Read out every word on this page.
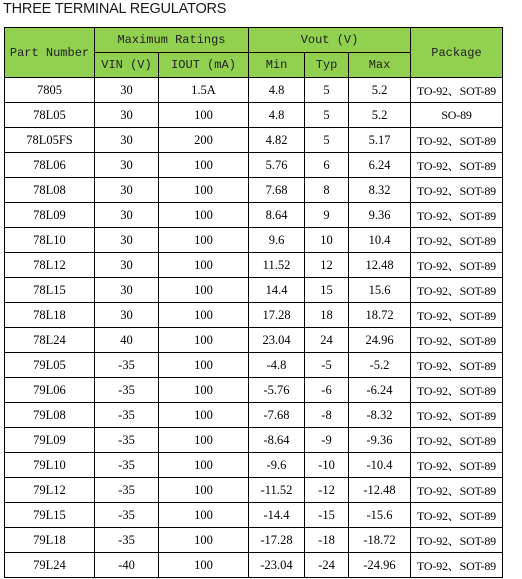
THREE TERMINAL REGULATORS
Part Number	Maximum Ratings		Vout (V)			Package
	VIN (V)	IOUT (mA)	Min	Typ	Max	
7805	30	1.5A	4.8	5	5.2	TO-92、SOT-89
78L05	30	100	4.8	5	5.2	SO-89
78L05FS	30	200	4.82	5	5.17	TO-92、SOT-89
78L06	30	100	5.76	6	6.24	TO-92、SOT-89
78L08	30	100	7.68	8	8.32	TO-92、SOT-89
78L09	30	100	8.64	9	9.36	TO-92、SOT-89
78L10	30	100	9.6	10	10.4	TO-92、SOT-89
78L12	30	100	11.52	12	12.48	TO-92、SOT-89
78L15	30	100	14.4	15	15.6	TO-92、SOT-89
78L18	30	100	17.28	18	18.72	TO-92、SOT-89
78L24	40	100	23.04	24	24.96	TO-92、SOT-89
79L05	-35	100	-4.8	-5	-5.2	TO-92、SOT-89
79L06	-35	100	-5.76	-6	-6.24	TO-92、SOT-89
79L08	-35	100	-7.68	-8	-8.32	TO-92、SOT-89
79L09	-35	100	-8.64	-9	-9.36	TO-92、SOT-89
79L10	-35	100	-9.6	-10	-10.4	TO-92、SOT-89
79L12	-35	100	-11.52	-12	-12.48	TO-92、SOT-89
79L15	-35	100	-14.4	-15	-15.6	TO-92、SOT-89
79L18	-35	100	-17.28	-18	-18.72	TO-92、SOT-89
79L24	-40	100	-23.04	-24	-24.96	TO-92、SOT-89
